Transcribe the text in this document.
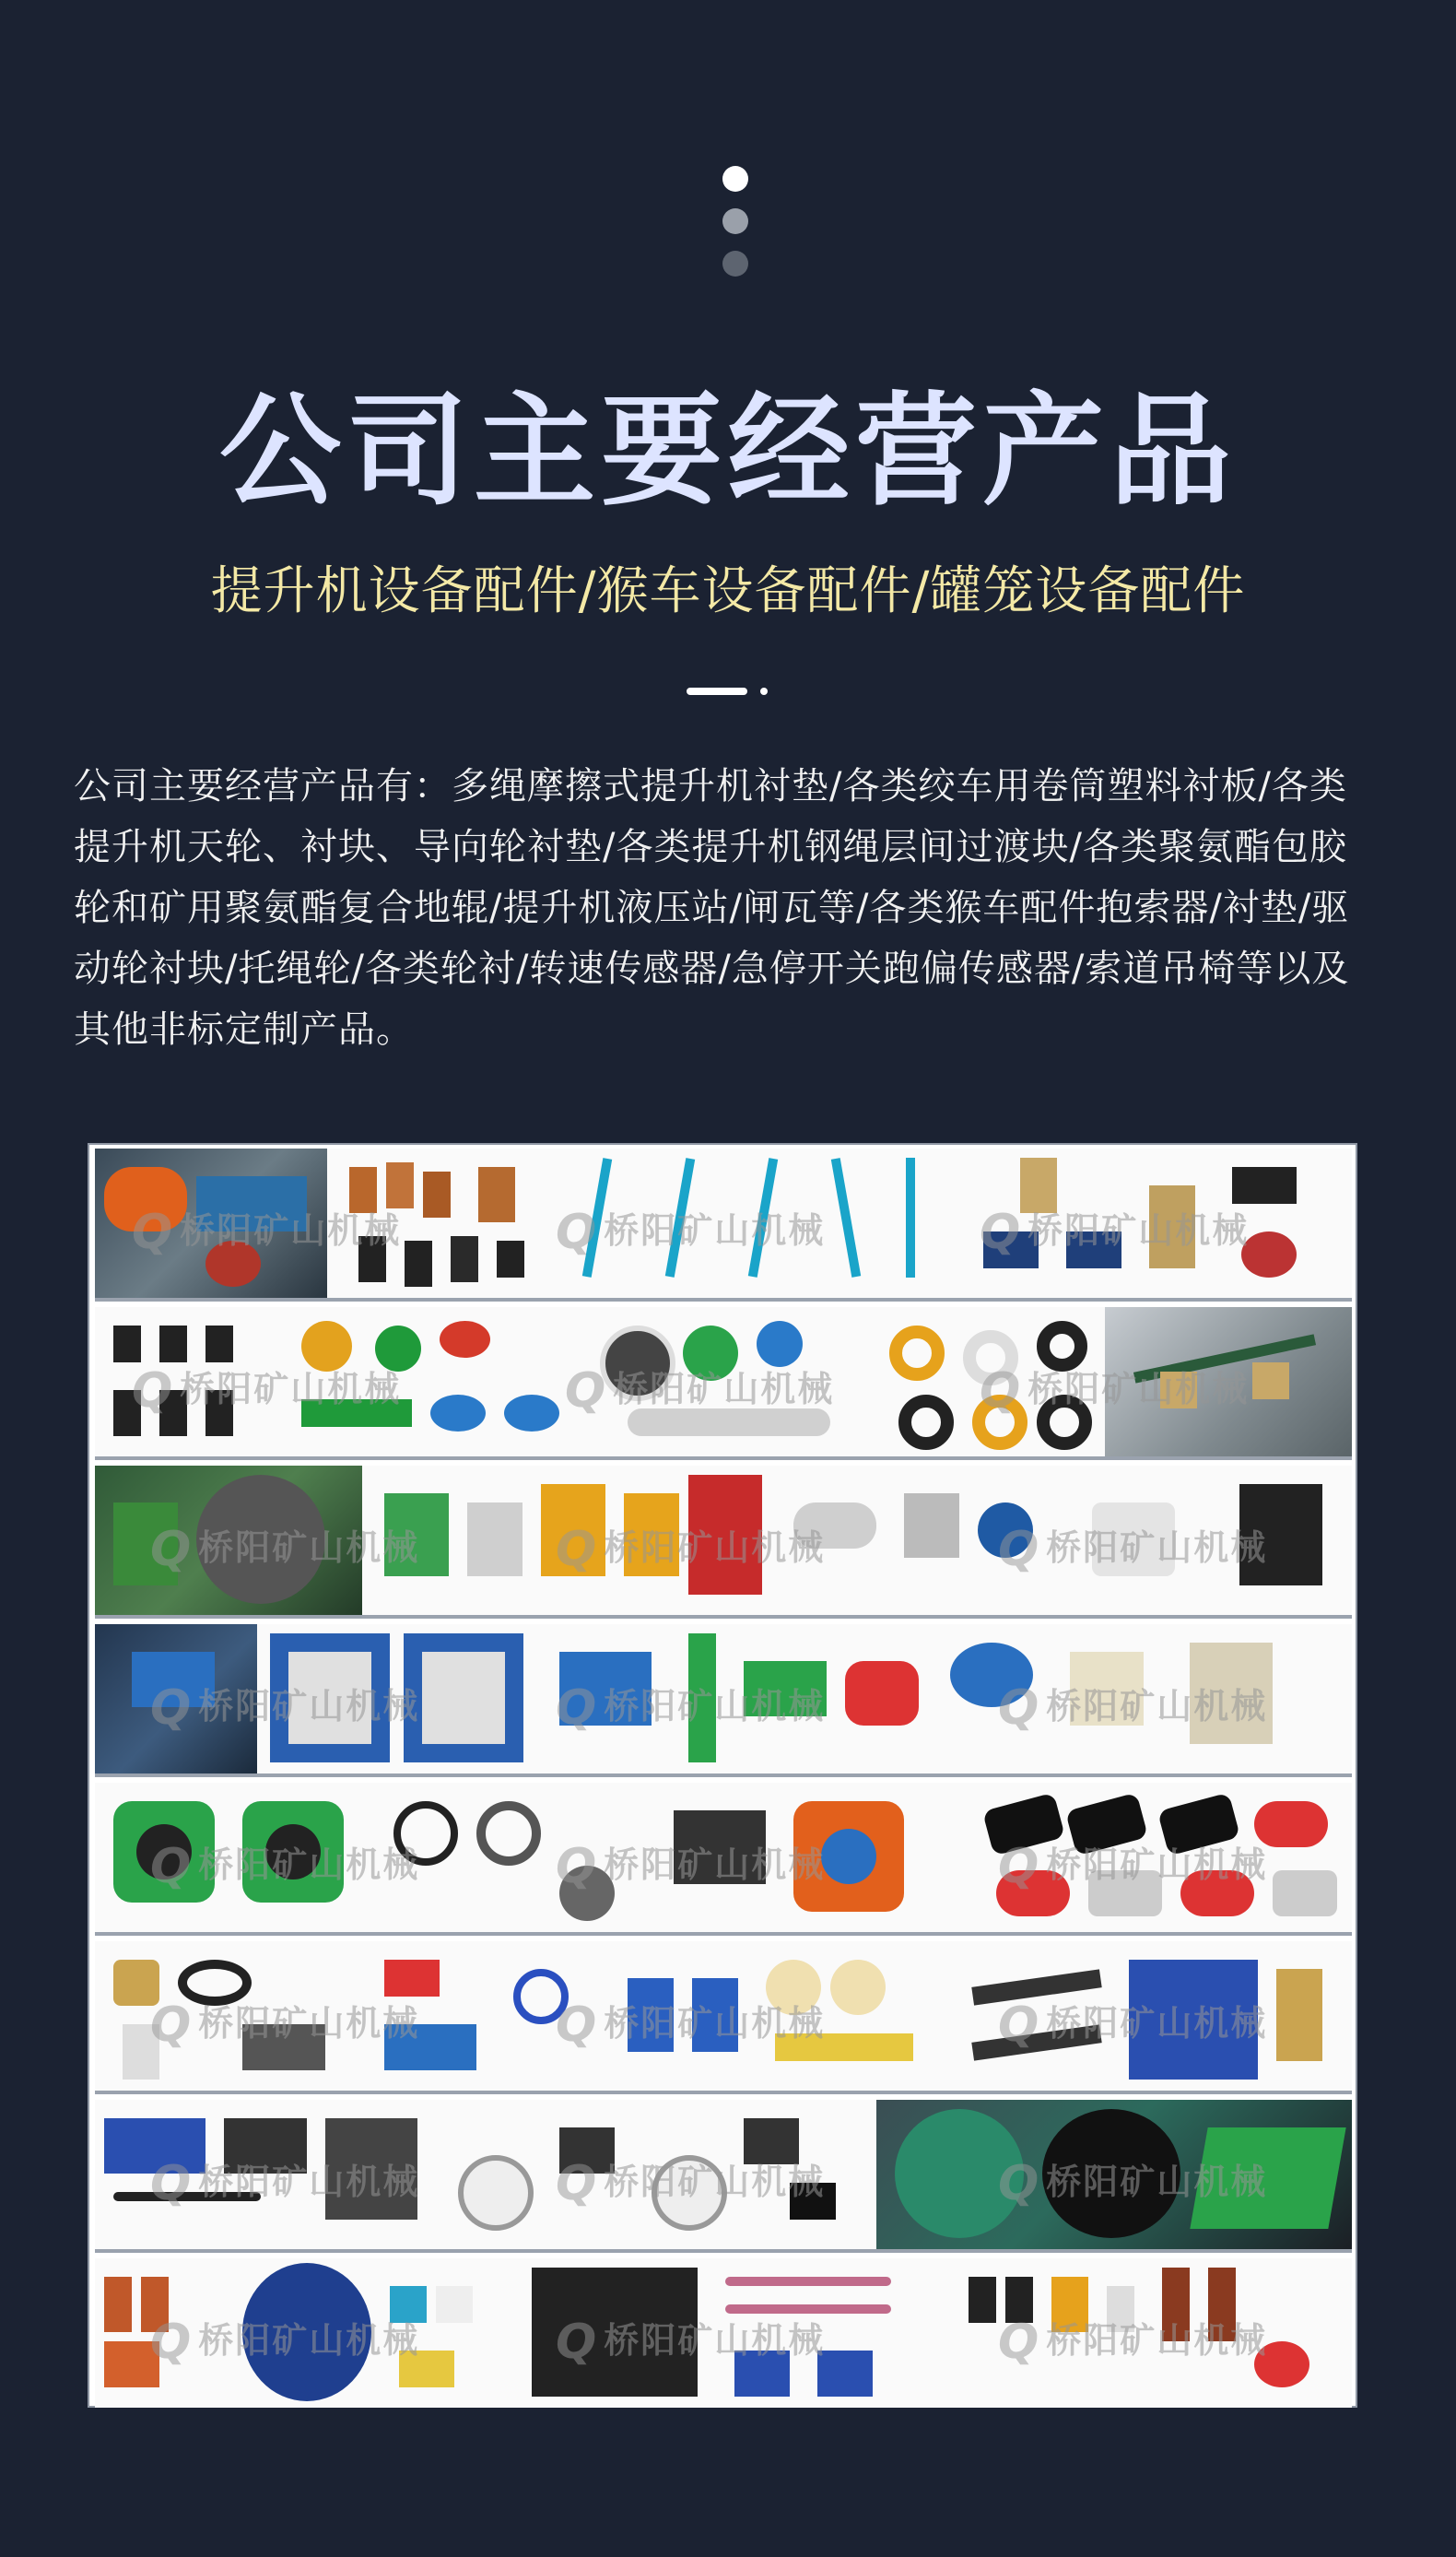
公司主要经营产品
提升机设备配件/猴车设备配件/罐笼设备配件
公司主要经营产品有：多绳摩擦式提升机衬垫/各类绞车用卷筒塑料衬板/各类提升机天轮、衬块、导向轮衬垫/各类提升机钢绳层间过渡块/各类聚氨酯包胶轮和矿用聚氨酯复合地辊/提升机液压站/闸瓦等/各类猴车配件抱索器/衬垫/驱动轮衬块/托绳轮/各类轮衬/转速传感器/急停开关跑偏传感器/索道吊椅等以及其他非标定制产品。
Q 桥阳矿山机械	Q 桥阳矿山机械	Q 桥阳矿山机械
Q 桥阳矿山机械	Q 桥阳矿山机械	Q 桥阳矿山机械
Q 桥阳矿山机械	Q 桥阳矿山机械	Q 桥阳矿山机械
Q 桥阳矿山机械	Q 桥阳矿山机械	Q 桥阳矿山机械
Q 桥阳矿山机械	Q 桥阳矿山机械	Q 桥阳矿山机械
Q 桥阳矿山机械	Q 桥阳矿山机械	Q 桥阳矿山机械
Q 桥阳矿山机械	Q 桥阳矿山机械	Q 桥阳矿山机械
Q 桥阳矿山机械	Q 桥阳矿山机械	Q 桥阳矿山机械
